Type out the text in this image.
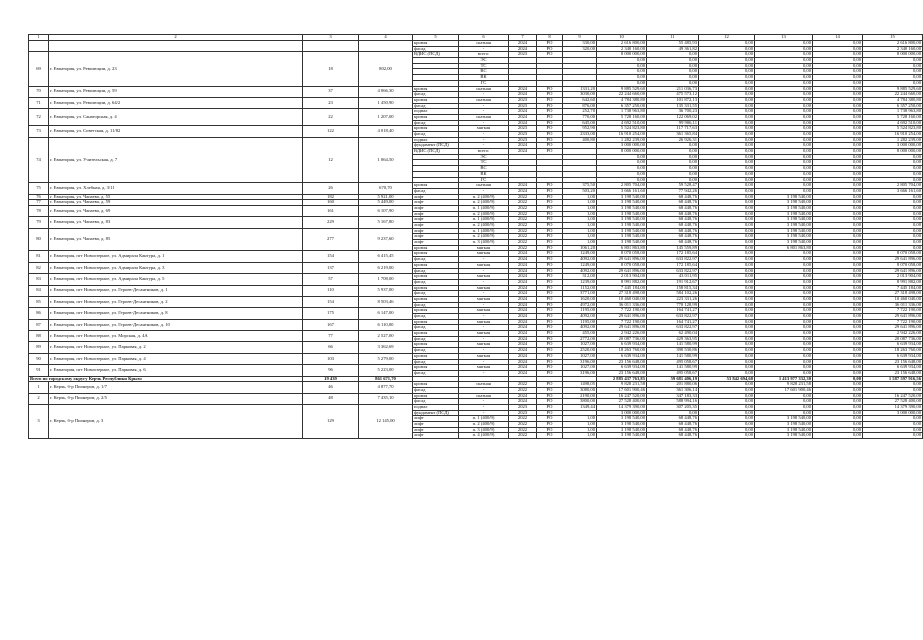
1	2	3	4	5	6	7	8	9	10	11	12	13	14	15
				кровля	скатная	2024	РО	330,00	2 616 800,00	55 485,93	0,00	0,00	0,00	2 616 800,00
				фасад	-	2024	РО	320,00	2 340 160,00	49 361,82	0,00	0,00	0,00	2 340 160,00
69	г. Евпатория, ул. Революции, д. 23	18	802,00	ВДИС (ПСД)	всего:	2023	РО		8 000 000,00	0,00	0,00	0,00	0,00	8 000 000,00
					ЭС				0,00	0,00	0,00	0,00	0,00	0,00
					ТС				0,00	0,00	0,00	0,00	0,00	0,00
					ВС				0,00	0,00	0,00	0,00	0,00	0,00
					ВК				0,00	0,00	0,00	0,00	0,00	0,00
					ГС				0,00	0,00	0,00	0,00	0,00	0,00
70	г. Евпатория, ул. Революции, д. 59	37	4 066,30	кровля	скатная	2024	РО	1331,20	9 885 529,60	211 036,73	0,00	0,00	0,00	9 885 529,60
				фасад	-	2024	РО	3030,00	22 244 660,00	475 573,12	0,00	0,00	0,00	22 244 660,00
71	г. Евпатория, ул. Революции, д. 64/2	23	1 450,90	кровля	скатная	2023	РО	642,60	4 784 380,80	101 872,13	0,00	0,00	0,00	4 784 380,80
				фасад	-	2023	РО	876,00	6 357 250,00	135 331,55	0,00	0,00	0,00	6 357 250,00
72	г. Евпатория, ул. Санаторская, д. 4	22	1 207,00	подвал	-	2024	РО	252,70	1 738 963,80	36 700,23	0,00	0,00	0,00	1 738 963,80
				кровля	скатная	2024	РО	770,00	5 728 160,00	122 069,02	0,00	0,00	0,00	5 728 160,00
				фасад	-	2024	РО	645,00	4 692 510,00	99 906,11	0,00	0,00	0,00	4 692 510,00
73	г. Евпатория, ул. Советская, д. 11/82	122	4 018,40	кровля	мягкая	2023	РО	952,90	5 524 823,80	117 717,63	0,00	0,00	0,00	5 524 823,80
				фасад	-	2023	РО	2333,00	16 910 254,00	361 365,84	0,00	0,00	0,00	16 910 254,00
74	г. Евпатория, ул. Учительская, д. 7	12	1 064,50	подвал	-	2023	РО	400,80	1 282 239,00	26 926,31	0,00	0,00	0,00	1 282 239,00
				фундамент (ПСД)	-	2024	РО		3 000 000,00	0,00	0,00	0,00	0,00	3 000 000,00
				ВДИС (ПСД)	всего:	2024	РО		8 000 000,00	0,00	0,00	0,00	0,00	8 000 000,00
					ЭС				0,00	0,00	0,00	0,00	0,00	0,00
					ТС				0,00	0,00	0,00	0,00	0,00	0,00
					ВС				0,00	0,00	0,00	0,00	0,00	0,00
					ВК				0,00	0,00	0,00	0,00	0,00	0,00
					ГС				0,00	0,00	0,00	0,00	0,00	0,00
75	г. Евпатория, ул. Хлебная, д. 3/11	26	670,70	кровля	скатная	2024	РО	375,50	2 805 704,00	59 528,47	0,00	0,00	0,00	2 805 704,00
				фасад	-	2024	РО	503,20	3 666 161,60	77 942,26	0,00	0,00	0,00	3 666 161,60
76	г. Евпатория, ул. Чапаева, д. 55	182	5 921,00	лифт	п. 2 (400/9)	2022	РО	1,00	3 198 540,00	68 448,76	0,00	3 198 540,00	0,00	0,00
77	г. Евпатория, ул. Чапаева, д. 59	160	5 449,00	лифт	п. 2 (400/9)	2022	РО	1,00	3 198 540,00	68 448,76	0,00	3 198 540,00	0,00	0,00
78	г. Евпатория, ул. Чапаева, д. 69	161	6 107,90	лифт	п. 1 (400/9)	2022	РО	1,00	3 198 540,00	68 448,76	0,00	3 198 540,00	0,00	0,00
				лифт	п. 2 (400/9)	2022	РО	1,00	3 198 540,00	68 448,76	0,00	3 198 540,00	0,00	0,00
79	г. Евпатория, ул. Чапаева, д. 83	229	5 167,80	лифт	п. 1 (400/9)	2022	РО	1,00	3 198 540,00	68 448,76	0,00	3 198 540,00	0,00	0,00
				лифт	п. 2 (400/9)	2022	РО	1,00	3 198 540,00	68 448,76	0,00	3 198 540,00	0,00	0,00
80	г. Евпатория, ул. Чапаева, д. 85	277	9 237,60	лифт	п. 1 (400/9)	2022	РО	1,00	3 198 540,00	68 448,76	0,00	3 198 540,00	0,00	0,00
				лифт	п. 2 (400/9)	2022	РО	1,00	3 198 540,00	68 448,76	0,00	3 198 540,00	0,00	0,00
				лифт	п. 3 (400/9)	2022	РО	1,00	3 198 540,00	68 448,76	0,00	3 198 540,00	0,00	0,00
				кровля	мягкая	2022	РО	1061,20	6 801 863,80	145 559,89	0,00	6 801 863,80	0,00	0,00
81	г. Евпатория, пгт Новоозерное, ул. Адмирала Кантура, д. 1	154	6 415,45	кровля	мягкая	2024	РО	1249,00	8 070 058,00	172 185,64	0,00	0,00	0,00	8 070 058,00
				фасад	-	2024	РО	4092,00	29 641 896,00	633 822,97	0,00	0,00	0,00	29 641 896,00
82	г. Евпатория, пгт Новоозерное, ул. Адмирала Кантура, д. 3	137	6 219,00	кровля	мягкая	2024	РО	1249,00	8 070 058,00	172 185,64	0,00	0,00	0,00	8 070 058,00
				фасад	-	2024	РО	4092,00	29 641 896,00	633 822,97	0,00	0,00	0,00	29 641 896,00
83	г. Евпатория, пгт Новоозерное, ул. Адмирала Кантура, д. 5	57	1 708,00	кровля	мягкая	2024	РО	312,00	2 013 904,00	43 011,95	0,00	0,00	0,00	2 013 904,00
				фасад	-	2024	РО	1239,00	8 991 882,00	191 912,67	0,00	0,00	0,00	8 991 882,00
84	г. Евпатория, пгт Новоозерное, ул. Героев-Десантников, д. 1	110	5 937,00	кровля	мягкая	2024	РО	1152,00	7 445 184,00	158 815,34	0,00	0,00	0,00	7 445 184,00
				фасад	-	2024	РО	3771,00	27 318 498,00	584 102,26	0,00	0,00	0,00	27 318 498,00
85	г. Евпатория, пгт Новоозерное, ул. Героев-Десантников, д. 2	154	8 503,46	кровля	мягкая	2024	РО	1620,00	10 460 040,00	223 331,26	0,00	0,00	0,00	10 460 040,00
				фасад	-	2024	РО	4972,00	36 011 336,00	770 128,99	0,00	0,00	0,00	36 011 336,00
86	г. Евпатория, пгт Новоозерное, ул. Героев-Десантников, д. 8	175	6 147,00	кровля	мягкая	2024	РО	1195,00	7 722 190,00	164 741,27	0,00	0,00	0,00	7 722 190,00
				фасад	-	2024	РО	4092,00	29 641 896,00	633 822,97	0,00	0,00	0,00	29 641 896,00
87	г. Евпатория, пгт Новоозерное, ул. Героев-Десантников, д. 10	167	6 110,00	кровля	мягкая	2024	РО	1195,00	7 722 190,00	164 741,27	0,00	0,00	0,00	7 722 190,00
				фасад	-	2024	РО	4092,00	29 641 896,00	633 822,97	0,00	0,00	0,00	29 641 896,00
88	г. Евпатория, пгт Новоозерное, ул. Морская, д. 4А	77	2 527,00	кровля	мягкая	2024	РО	455,00	2 942 226,00	62 490,04	0,00	0,00	0,00	2 942 226,00
				фасад	-	2024	РО	2772,00	20 087 736,00	429 363,95	0,00	0,00	0,00	20 087 736,00
89	г. Евпатория, пгт Новоозерное, ул. Парковая, д. 2	66	3 362,69	кровля	мягкая	2024	РО	1027,00	6 639 934,00	141 580,99	0,00	0,00	0,00	6 639 934,00
				фасад	-	2024	РО	2520,00	18 263 760,00	390 530,86	0,00	0,00	0,00	18 263 760,00
90	г. Евпатория, пгт Новоозерное, ул. Парковая, д. 4	103	5 279,00	кровля	мягкая	2024	РО	1027,00	6 639 934,00	141 580,99	0,00	0,00	0,00	6 639 934,00
				фасад	-	2024	РО	3196,00	23 156 648,00	495 058,67	0,00	0,00	0,00	23 156 648,00
91	г. Евпатория, пгт Новоозерное, ул. Парковая, д. 6	96	5 223,00	кровля	мягкая	2024	РО	1027,00	6 639 934,00	141 580,99	0,00	0,00	0,00	6 639 934,00
				фасад	-	2024	РО	3196,00	23 156 648,00	495 058,67	0,00	0,00	0,00	23 156 648,00
Всего по городскому округу Керчь Республики Крым:		19 439	861 671,70						2 885 437 763,85	59 681 406,19	53 842 694,60	1 413 977 332,30	0,00	1 587 597 916,56
1	г. Керчь, б-р Пионеров, д. 1/7	46	4 877,70	кровля	скатная	2022	РО	1498,05	9 828 231,58	201 880,06	0,00	9 828 231,58	0,00	0,00
				фасад	-	2022	РО	3080,00	17 601 900,46	361 306,14	0,00	17 601 900,46	0,00	0,00
2	г. Керчь, б-р Пионеров, д. 2/5	48	7 435,10	кровля	скатная	2024	РО	2190,00	16 247 520,00	347 183,33	0,00	0,00	0,00	16 247 520,00
				фасад	-	2024	РО	3800,00	27 528 400,00	588 994,16	0,00	0,00	0,00	27 528 400,00
3	г. Керчь, б-р Пионеров, д. 3	129	12 145,00	подвал	-	2023	РО	1349,44	14 379 390,00	307 205,35	0,00	0,00	0,00	14 379 390,00
				фундамент (ПСД)	-	2023	РО		3 000 000,00	0,00	0,00	0,00	0,00	3 000 000,00
				лифт	п. 1 (400/9)	2022	РО	1,00	3 198 540,00	68 448,76	0,00	3 198 540,00	0,00	0,00
				лифт	п. 2 (400/9)	2022	РО	1,00	3 198 540,00	68 448,76	0,00	3 198 540,00	0,00	0,00
				лифт	п. 3 (400/9)	2022	РО	1,00	3 198 540,00	68 448,76	0,00	3 198 540,00	0,00	0,00
				лифт	п. 4 (400/9)	2022	РО	1,00	3 198 540,00	68 448,76	0,00	3 198 540,00	0,00	0,00
